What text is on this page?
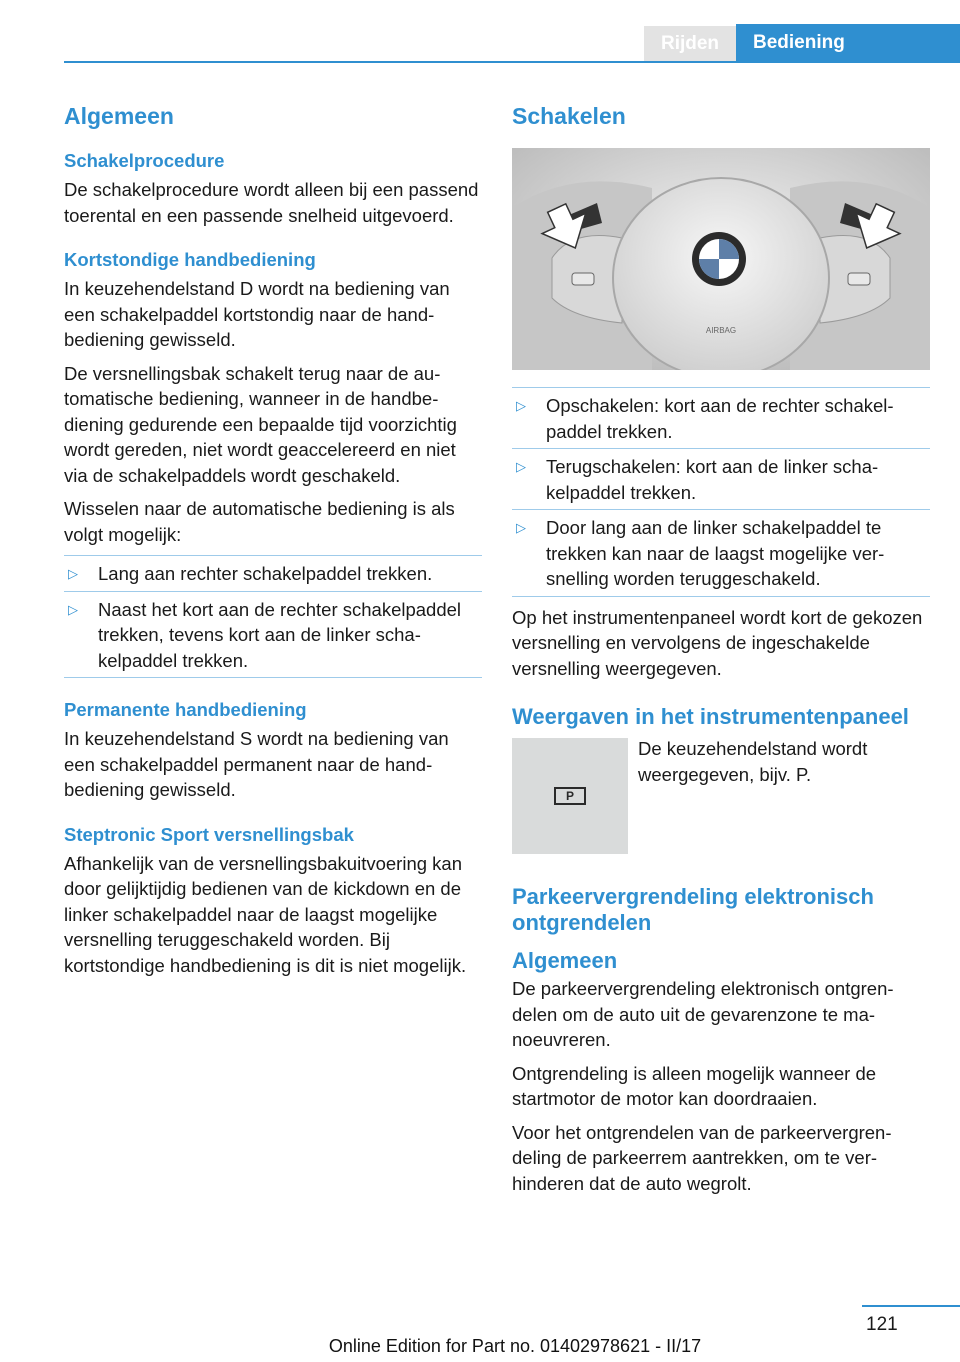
Rijden	Bediening
Algemeen
Schakelprocedure

De schakelprocedure wordt alleen bij een passend toerental en een passende snelheid uitgevoerd.

Kortstondige handbediening

In keuzehendelstand D wordt na bediening van een schakelpaddel kortstondig naar de handbediening gewisseld.

De versnellingsbak schakelt terug naar de automatische bediening, wanneer in de handbediening gedurende een bepaalde tijd voorzichtig wordt gereden, niet wordt geaccelereerd en niet via de schakelpaddels wordt geschakeld.

Wisselen naar de automatische bediening is als volgt mogelijk:

▷	Lang aan rechter schakelpaddel trekken.
▷	Naast het kort aan de rechter schakelpaddel trekken, tevens kort aan de linker schakelpaddel trekken.
Permanente handbediening

In keuzehendelstand S wordt na bediening van een schakelpaddel permanent naar de handbediening gewisseld.

Steptronic Sport versnellingsbak

Afhankelijk van de versnellingsbakuitvoering kan door gelijktijdig bedienen van de kickdown en de linker schakelpaddel naar de laagst mogelijke versnelling teruggeschakeld worden. Bij kortstondige handbediening is dit is niet mogelijk.

Schakelen
AIRBAG
▷	Opschakelen: kort aan de rechter schakelpaddel trekken.
▷	Terugschakelen: kort aan de linker schakelpaddel trekken.
▷	Door lang aan de linker schakelpaddel te trekken kan naar de laagst mogelijke versnelling worden teruggeschakeld.

Op het instrumentenpaneel wordt kort de gekozen versnelling en vervolgens de ingeschakelde versnelling weergegeven.

Weergaven in het instrumentenpaneel
P

De keuzehendelstand wordt weergegeven, bijv. P.

Parkeervergrendeling elektronisch ontgrendelen
Algemeen

De parkeervergrendeling elektronisch ontgrendelen om de auto uit de gevarenzone te manoeuvreren.

Ontgrendeling is alleen mogelijk wanneer de startmotor de motor kan doordraaien.

Voor het ontgrendelen van de parkeervergrendeling de parkeerrem aantrekken, om te verhinderen dat de auto wegrolt.

121
Online Edition for Part no. 01402978621 - II/17
